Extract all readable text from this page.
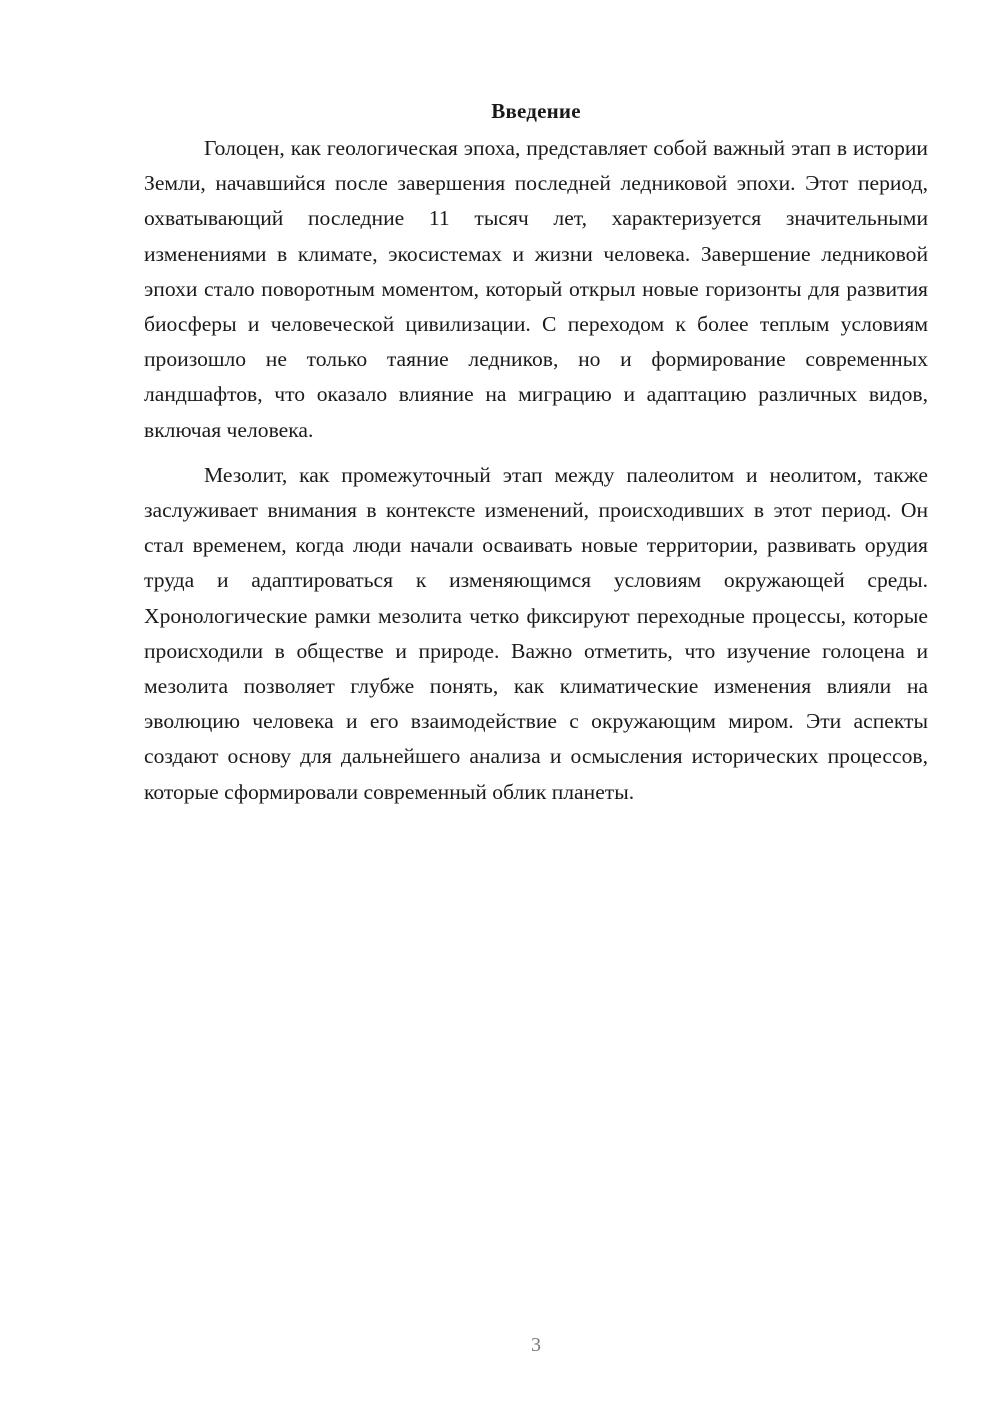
Введение

Голоцен, как геологическая эпоха, представляет собой важный этап в истории Земли, начавшийся после завершения последней ледниковой эпохи. Этот период, охватывающий последние 11 тысяч лет, характеризуется значительными изменениями в климате, экосистемах и жизни человека. Завершение ледниковой эпохи стало поворотным моментом, который открыл новые горизонты для развития биосферы и человеческой цивилизации. С переходом к более теплым условиям произошло не только таяние ледников, но и формирование современных ландшафтов, что оказало влияние на миграцию и адаптацию различных видов, включая человека.

Мезолит, как промежуточный этап между палеолитом и неолитом, также заслуживает внимания в контексте изменений, происходивших в этот период. Он стал временем, когда люди начали осваивать новые территории, развивать орудия труда и адаптироваться к изменяющимся условиям окружающей среды. Хронологические рамки мезолита четко фиксируют переходные процессы, которые происходили в обществе и природе. Важно отметить, что изучение голоцена и мезолита позволяет глубже понять, как климатические изменения влияли на эволюцию человека и его взаимодействие с окружающим миром. Эти аспекты создают основу для дальнейшего анализа и осмысления исторических процессов, которые сформировали современный облик планеты.

3
